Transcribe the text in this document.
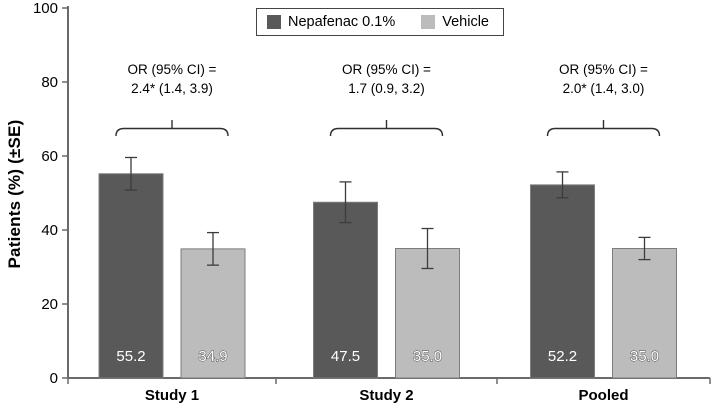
0
20
40
60
80
100
OR (95% CI) =
2.4* (1.4, 3.9)
55.2	34.9
Study 1
OR (95% CI) =
1.7 (0.9, 3.2)
47.5	35.0
Study 2
OR (95% CI) =
2.0* (1.4, 3.0)
52.2	35.0
Pooled
Patients (%) (±SE)
Nepafenac 0.1%	Vehicle
